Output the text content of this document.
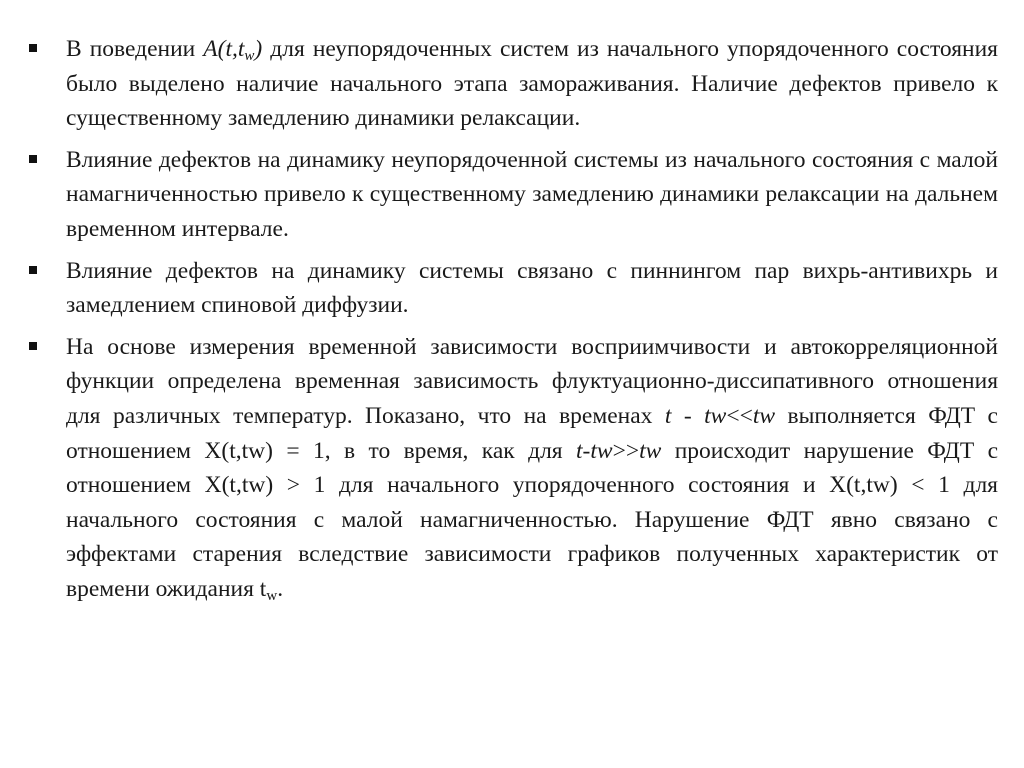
В поведении $A(t,t_w)$ для неупорядоченных систем из начального упорядоченного состояния было выделено наличие начального этапа замораживания. Наличие дефектов привело к существенному замедлению динамики релаксации.
Влияние дефектов на динамику неупорядоченной системы из начального состояния с малой намагниченностью привело к существенному замедлению динамики релаксации на дальнем временном интервале.
Влияние дефектов на динамику системы связано с пиннингом пар вихрь-антивихрь и замедлением спиновой диффузии.
На основе измерения временной зависимости восприимчивости и автокорреляционной функции определена временная зависимость флуктуационно-диссипативного отношения для различных температур. Показано, что на временах t - tw<<tw выполняется ФДТ с отношением X(t,tw) = 1, в то время, как для t-tw>>tw происходит нарушение ФДТ с отношением X(t,tw) > 1 для начального упорядоченного состояния и X(t,tw) < 1 для начального состояния с малой намагниченностью. Нарушение ФДТ явно связано с эффектами старения вследствие зависимости графиков полученных характеристик от времени ожидания $t_w$.
